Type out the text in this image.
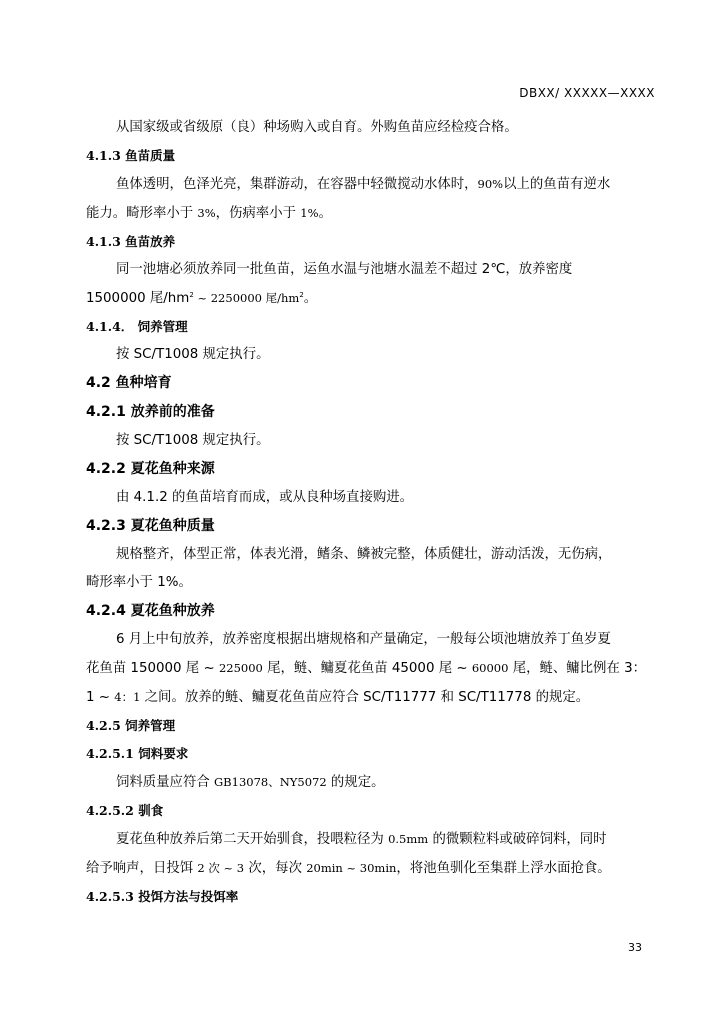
DBXX/ XXXXX—XXXX
从国家级或省级原（良）种场购入或自育。外购鱼苗应经检疫合格。
4.1.3 鱼苗质量
鱼体透明，色泽光亮，集群游动，在容器中轻微搅动水体时，90%以上的鱼苗有逆水
能力。畸形率小于 3%，伤病率小于 1%。
4.1.3 鱼苗放养
同一池塘必须放养同一批鱼苗，运鱼水温与池塘水温差不超过 2℃，放养密度
1500000 尾$/hm^2$ ~ 2250000 尾$/hm^2$。
4.1.4． 饲养管理
按 SC/T1008 规定执行。
4.2 鱼种培育
4.2.1 放养前的准备
按 SC/T1008 规定执行。
4.2.2 夏花鱼种来源
由 4.1.2 的鱼苗培育而成，或从良种场直接购进。
4.2.3 夏花鱼种质量
规格整齐，体型正常，体表光滑，鳍条、鳞被完整，体质健壮，游动活泼，无伤病，
畸形率小于 1%。
4.2.4 夏花鱼种放养
6 月上中旬放养，放养密度根据出塘规格和产量确定，一般每公顷池塘放养丁鱼岁夏
花鱼苗 150000 尾 ~ 225000 尾，鲢、鳙夏花鱼苗 45000 尾 ~ 60000 尾，鲢、鳙比例在 3：
1 ~ 4：1 之间。放养的鲢、鳙夏花鱼苗应符合 SC/T11777 和 SC/T11778 的规定。
4.2.5 饲养管理
4.2.5.1 饲料要求
饲料质量应符合 GB13078、NY5072 的规定。
4.2.5.2 驯食
夏花鱼种放养后第二天开始驯食，投喂粒径为 0.5mm 的微颗粒料或破碎饲料，同时
给予响声，日投饵 2 次 ~ 3 次，每次 20min ~ 30min，将池鱼驯化至集群上浮水面抢食。
4.2.5.3 投饵方法与投饵率
33
